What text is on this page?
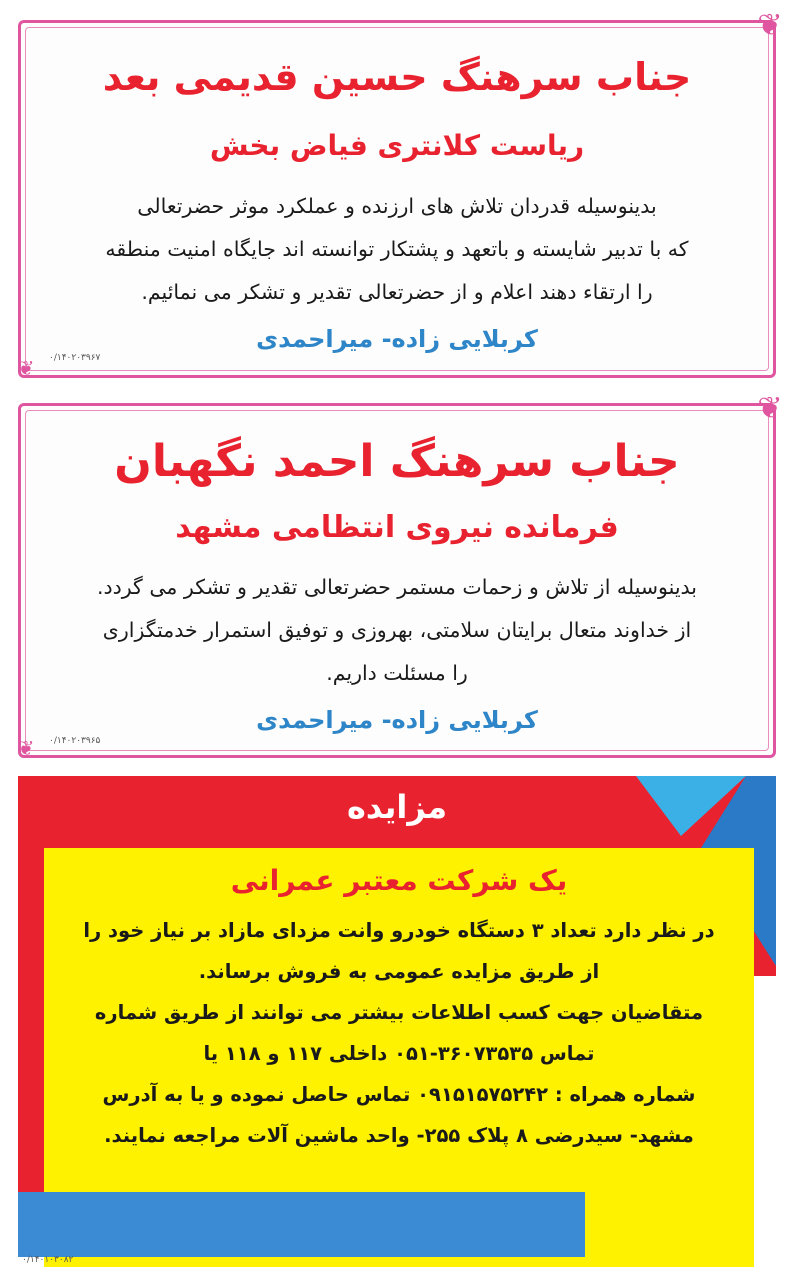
❦
❦
جناب سرهنگ حسین قدیمی بعد
ریاست کلانتری فیاض بخش
بدینوسیله قدردان تلاش های ارزنده و عملکرد موثر حضرتعالی
که با تدبیر شایسته و باتعهد و پشتکار توانسته اند جایگاه امنیت منطقه
را ارتقاء دهند اعلام و از حضرتعالی تقدیر و تشکر می نمائیم.
کربلایی زاده- میراحمدی
۰/۱۴۰۲۰۳۹۶۷
❦
❦
جناب سرهنگ احمد نگهبان
فرمانده نیروی انتظامی مشهد
بدینوسیله از تلاش و زحمات مستمر حضرتعالی تقدیر و تشکر می گردد.
از خداوند متعال برایتان سلامتی، بهروزی و توفیق استمرار خدمتگزاری
را مسئلت داریم.
کربلایی زاده- میراحمدی
۰/۱۴۰۲۰۳۹۶۵
مزایده
یک شرکت معتبر عمرانی
در نظر دارد تعداد ۳ دستگاه خودرو وانت مزدای مازاد بر نیاز خود را
از طریق مزایده عمومی به فروش برساند.
متقاضیان جهت کسب اطلاعات بیشتر می توانند از طریق شماره
تماس ۳۶۰۷۳۵۳۵-۰۵۱ داخلی ۱۱۷ و ۱۱۸ یا
شماره همراه : ۰۹۱۵۱۵۷۵۲۴۲ تماس حاصل نموده و یا به آدرس
مشهد- سیدرضی ۸ پلاک ۲۵۵- واحد ماشین آلات مراجعه نمایند.
۰/۱۴۰۱۰۳۰۸۲
